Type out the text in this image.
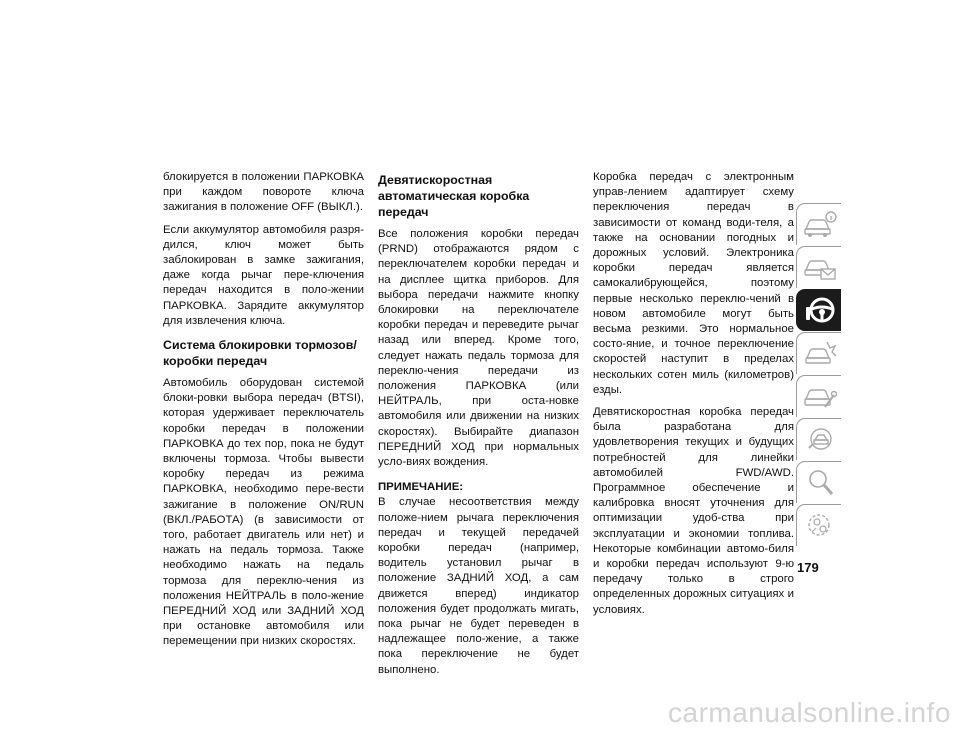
блокируется в положении ПАРКОВКА при каждом повороте ключа зажигания в положение OFF (ВЫКЛ.).

Если аккумулятор автомобиля разря-дился, ключ может быть заблокирован в замке зажигания, даже когда рычаг пере-ключения передач находится в поло-жении ПАРКОВКА. Зарядите аккумулятор для извлечения ключа.

Система блокировки тормозов/ коробки передач

Автомобиль оборудован системой блоки-ровки выбора передач (BTSI), которая удерживает переключатель коробки передач в положении ПАРКОВКА до тех пор, пока не будут включены тормоза. Чтобы вывести коробку передач из режима ПАРКОВКА, необходимо пере-вести зажигание в положение ON/RUN (ВКЛ./РАБОТА) (в зависимости от того, работает двигатель или нет) и нажать на педаль тормоза. Также необходимо нажать на педаль тормоза для переклю-чения из положения НЕЙТРАЛЬ в поло-жение ПЕРЕДНИЙ ХОД или ЗАДНИЙ ХОД при остановке автомобиля или перемещении при низких скоростях.

Девятискоростная автоматическая коробка передач

Все положения коробки передач (PRND) отображаются рядом с переключателем коробки передач и на дисплее щитка приборов. Для выбора передачи нажмите кнопку блокировки на переключателе коробки передач и переведите рычаг назад или вперед. Кроме того, следует нажать педаль тормоза для переклю-чения передачи из положения ПАРКОВКА (или НЕЙТРАЛЬ, при оста-новке автомобиля или движении на низких скоростях). Выбирайте диапазон ПЕРЕДНИЙ ХОД при нормальных усло-виях вождения.

ПРИМЕЧАНИЕ:

В случае несоответствия между положе-нием рычага переключения передач и текущей передачей коробки передач (например, водитель установил рычаг в положение ЗАДНИЙ ХОД, а сам движется вперед) индикатор положения будет продолжать мигать, пока рычаг не будет переведен в надлежащее поло-жение, а также пока переключение не будет выполнено.

Коробка передач с электронным управ-лением адаптирует схему переключения передач в зависимости от команд води-теля, а также на основании погодных и дорожных условий. Электроника коробки передач является самокалибрующейся, поэтому первые несколько переклю-чений в новом автомобиле могут быть весьма резкими. Это нормальное состо-яние, и точное переключение скоростей наступит в пределах нескольких сотен миль (километров) езды.

Девятискоростная коробка передач была разработана для удовлетворения текущих и будущих потребностей для линейки автомобилей FWD/AWD. Программное обеспечение и калибровка вносят уточнения для оптимизации удоб-ства при эксплуатации и экономии топлива. Некоторые комбинации автомо-биля и коробки передач используют 9-ю передачу только в строго определенных дорожных ситуациях и условиях.

179
carmanualsonline.info
